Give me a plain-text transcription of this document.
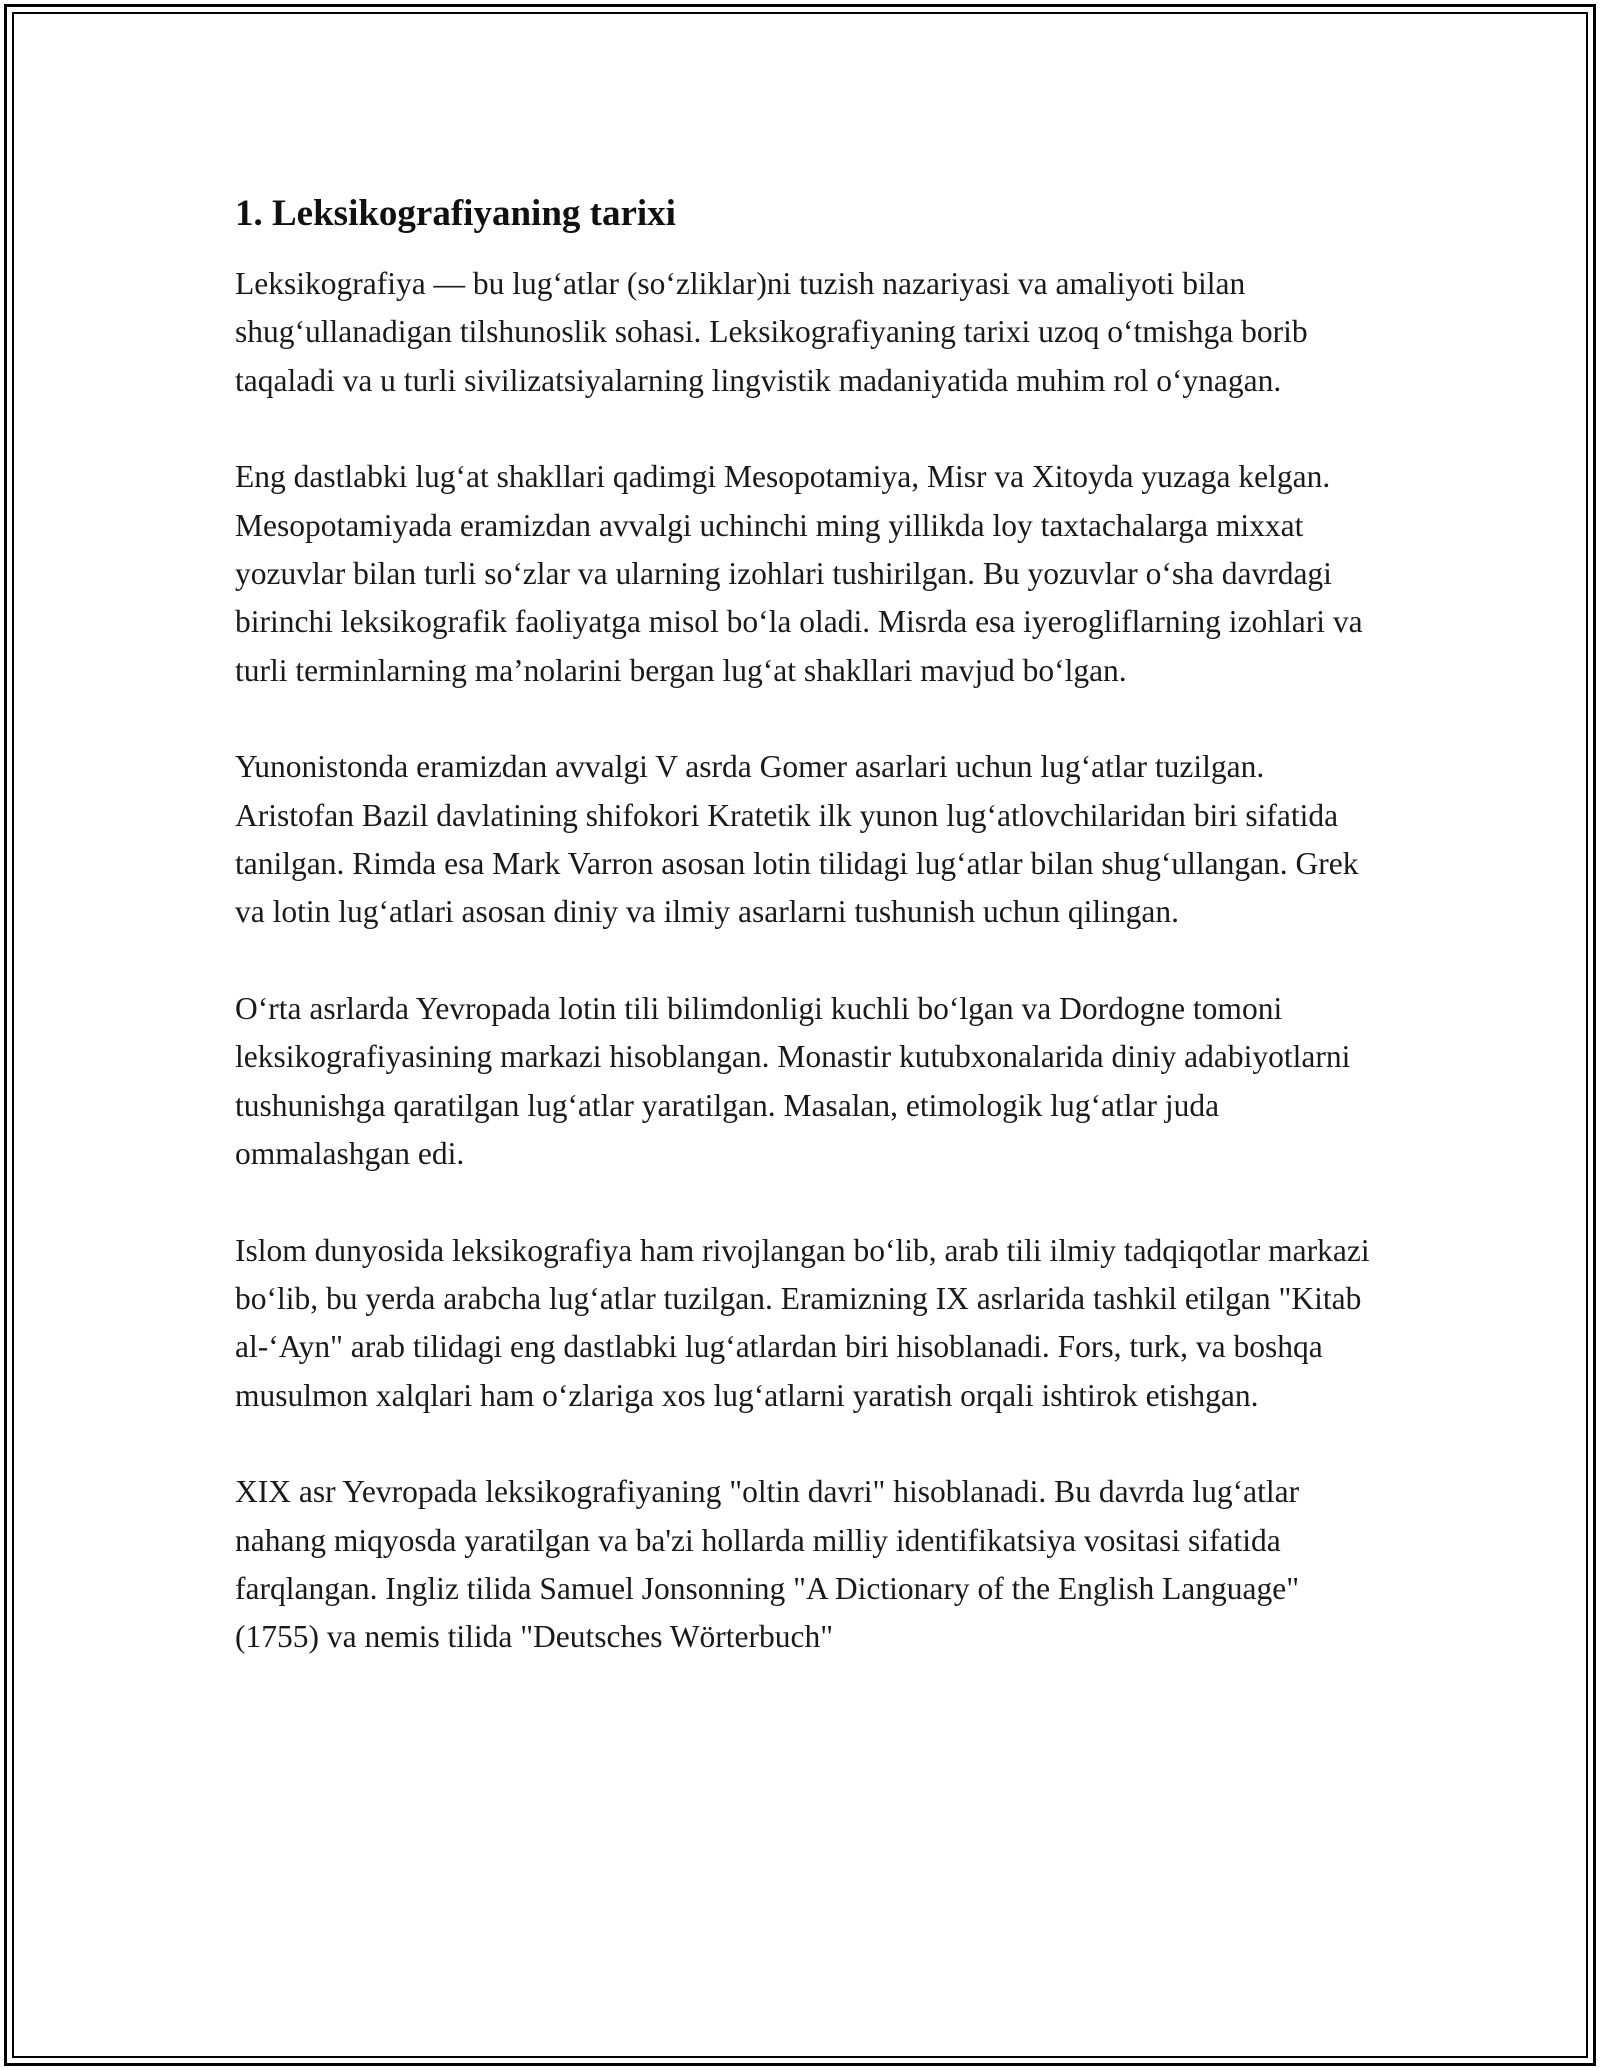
1. Leksikografiyaning tarixi

Leksikografiya — bu lug‘atlar (so‘zliklar)ni tuzish nazariyasi va amaliyoti bilan shug‘ullanadigan tilshunoslik sohasi. Leksikografiyaning tarixi uzoq o‘tmishga borib taqaladi va u turli sivilizatsiyalarning lingvistik madaniyatida muhim rol o‘ynagan.

Eng dastlabki lug‘at shakllari qadimgi Mesopotamiya, Misr va Xitoyda yuzaga kelgan. Mesopotamiyada eramizdan avvalgi uchinchi ming yillikda loy taxtachalarga mixxat yozuvlar bilan turli so‘zlar va ularning izohlari tushirilgan. Bu yozuvlar o‘sha davrdagi birinchi leksikografik faoliyatga misol bo‘la oladi. Misrda esa iyerogliflarning izohlari va turli terminlarning ma’nolarini bergan lug‘at shakllari mavjud bo‘lgan.

Yunonistonda eramizdan avvalgi V asrda Gomer asarlari uchun lug‘atlar tuzilgan. Aristofan Bazil davlatining shifokori Kratetik ilk yunon lug‘atlovchilaridan biri sifatida tanilgan. Rimda esa Mark Varron asosan lotin tilidagi lug‘atlar bilan shug‘ullangan. Grek va lotin lug‘atlari asosan diniy va ilmiy asarlarni tushunish uchun qilingan.

O‘rta asrlarda Yevropada lotin tili bilimdonligi kuchli bo‘lgan va Dordogne tomoni leksikografiyasining markazi hisoblangan. Monastir kutubxonalarida diniy adabiyotlarni tushunishga qaratilgan lug‘atlar yaratilgan. Masalan, etimologik lug‘atlar juda ommalashgan edi.

Islom dunyosida leksikografiya ham rivojlangan bo‘lib, arab tili ilmiy tadqiqotlar markazi bo‘lib, bu yerda arabcha lug‘atlar tuzilgan. Eramizning IX asrlarida tashkil etilgan "Kitab al-‘Ayn" arab tilidagi eng dastlabki lug‘atlardan biri hisoblanadi. Fors, turk, va boshqa musulmon xalqlari ham o‘zlariga xos lug‘atlarni yaratish orqali ishtirok etishgan.

XIX asr Yevropada leksikografiyaning "oltin davri" hisoblanadi. Bu davrda lug‘atlar nahang miqyosda yaratilgan va ba'zi hollarda milliy identifikatsiya vositasi sifatida farqlangan. Ingliz tilida Samuel Jonsonning "A Dictionary of the English Language" (1755) va nemis tilida "Deutsches Wörterbuch"
